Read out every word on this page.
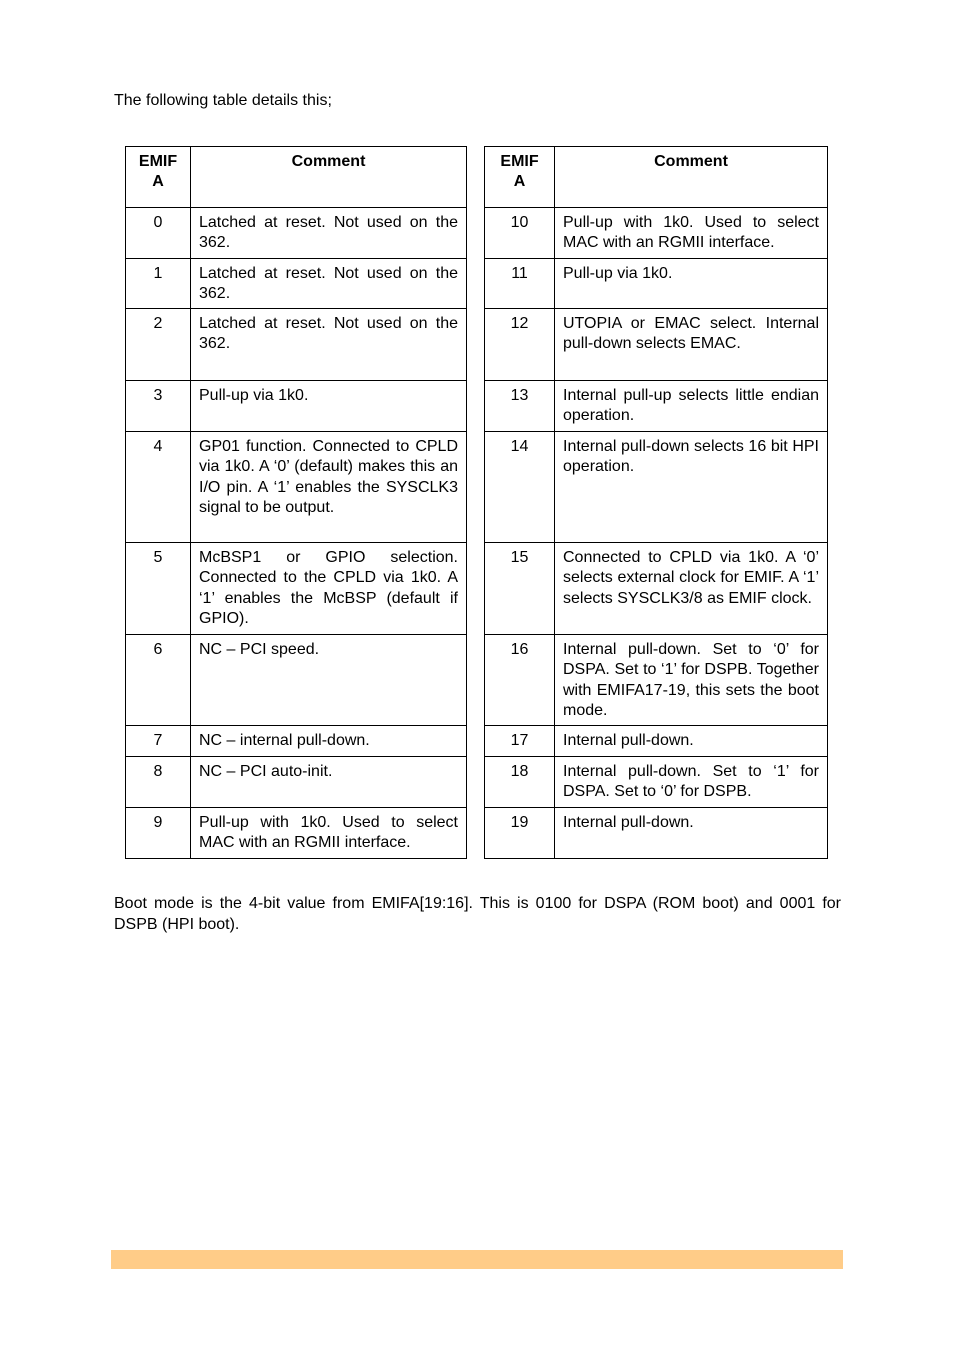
The following table details this;

EMIF A	Comment
0	Latched at reset. Not used on the 362.
1	Latched at reset. Not used on the 362.
2	Latched at reset. Not used on the 362.
3	Pull-up via 1k0.
4	GP01 function. Connected to CPLD via 1k0. A ‘0’ (default) makes this an I/O pin. A ‘1’ enables the SYSCLK3 signal to be output.
5	McBSP1 or GPIO selection. Connected to the CPLD via 1k0. A ‘1’ enables the McBSP (default if GPIO).
6	NC – PCI speed.
7	NC – internal pull-down.
8	NC – PCI auto-init.
9	Pull-up with 1k0. Used to select MAC with an RGMII interface.
EMIF A	Comment
10	Pull-up with 1k0. Used to select MAC with an RGMII interface.
11	Pull-up via 1k0.
12	UTOPIA or EMAC select. Internal pull-down selects EMAC.
13	Internal pull-up selects little endian operation.
14	Internal pull-down selects 16 bit HPI operation.
15	Connected to CPLD via 1k0. A ‘0’ selects external clock for EMIF. A ‘1’ selects SYSCLK3/8 as EMIF clock.
16	Internal pull-down. Set to ‘0’ for DSPA. Set to ‘1’ for DSPB. Together with EMIFA17-19, this sets the boot mode.
17	Internal pull-down.
18	Internal pull-down. Set to ‘1’ for DSPA. Set to ‘0’ for DSPB.
19	Internal pull-down.

Boot mode is the 4-bit value from EMIFA[19:16]. This is 0100 for DSPA (ROM boot) and 0001 for DSPB (HPI boot).
